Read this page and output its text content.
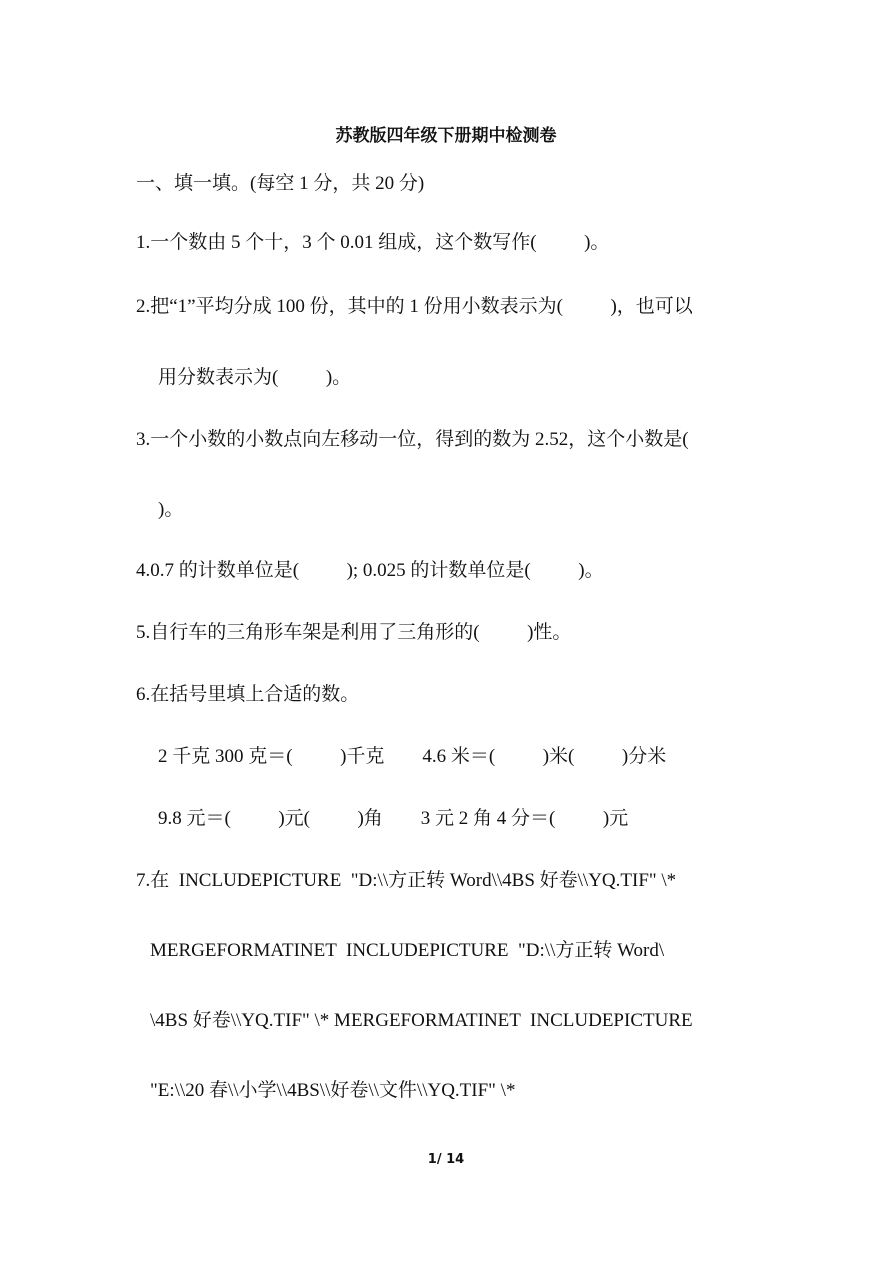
苏教版四年级下册期中检测卷
一、填一填。(每空 1 分，共 20 分)
1.一个数由 5 个十，3 个 0.01 组成，这个数写作(          )。
2.把“1”平均分成 100 份，其中的 1 份用小数表示为(          )，也可以
用分数表示为(          )。
3.一个小数的小数点向左移动一位，得到的数为 2.52，这个小数是(
)。
4.0.7 的计数单位是(          ); 0.025 的计数单位是(          )。
5.自行车的三角形车架是利用了三角形的(          )性。
6.在括号里填上合适的数。
2 千克 300 克＝(          )千克        4.6 米＝(          )米(          )分米
9.8 元＝(          )元(          )角        3 元 2 角 4 分＝(          )元
7.在  INCLUDEPICTURE  "D:\\方正转 Word\\4BS 好卷\\YQ.TIF" \*
MERGEFORMATINET  INCLUDEPICTURE  "D:\\方正转 Word\
\4BS 好卷\\YQ.TIF" \* MERGEFORMATINET  INCLUDEPICTURE
"E:\\20 春\\小学\\4BS\\好卷\\文件\\YQ.TIF" \*
1/ 14
